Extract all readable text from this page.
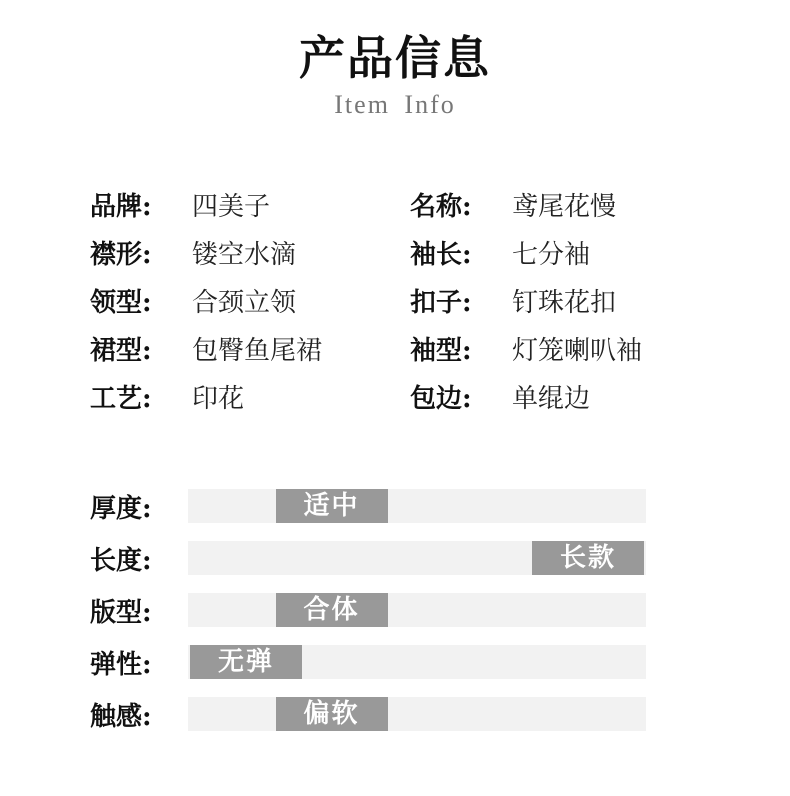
产品信息
Item Info
品牌:	四美子	名称:	鸢尾花慢
襟形:	镂空水滴	袖长:	七分袖
领型:	合颈立领	扣子:	钉珠花扣
裙型:	包臀鱼尾裙	袖型:	灯笼喇叭袖
工艺:	印花	包边:	单绲边
厚度:	适中
长度:	长款
版型:	合体
弹性:	无弹
触感:	偏软
